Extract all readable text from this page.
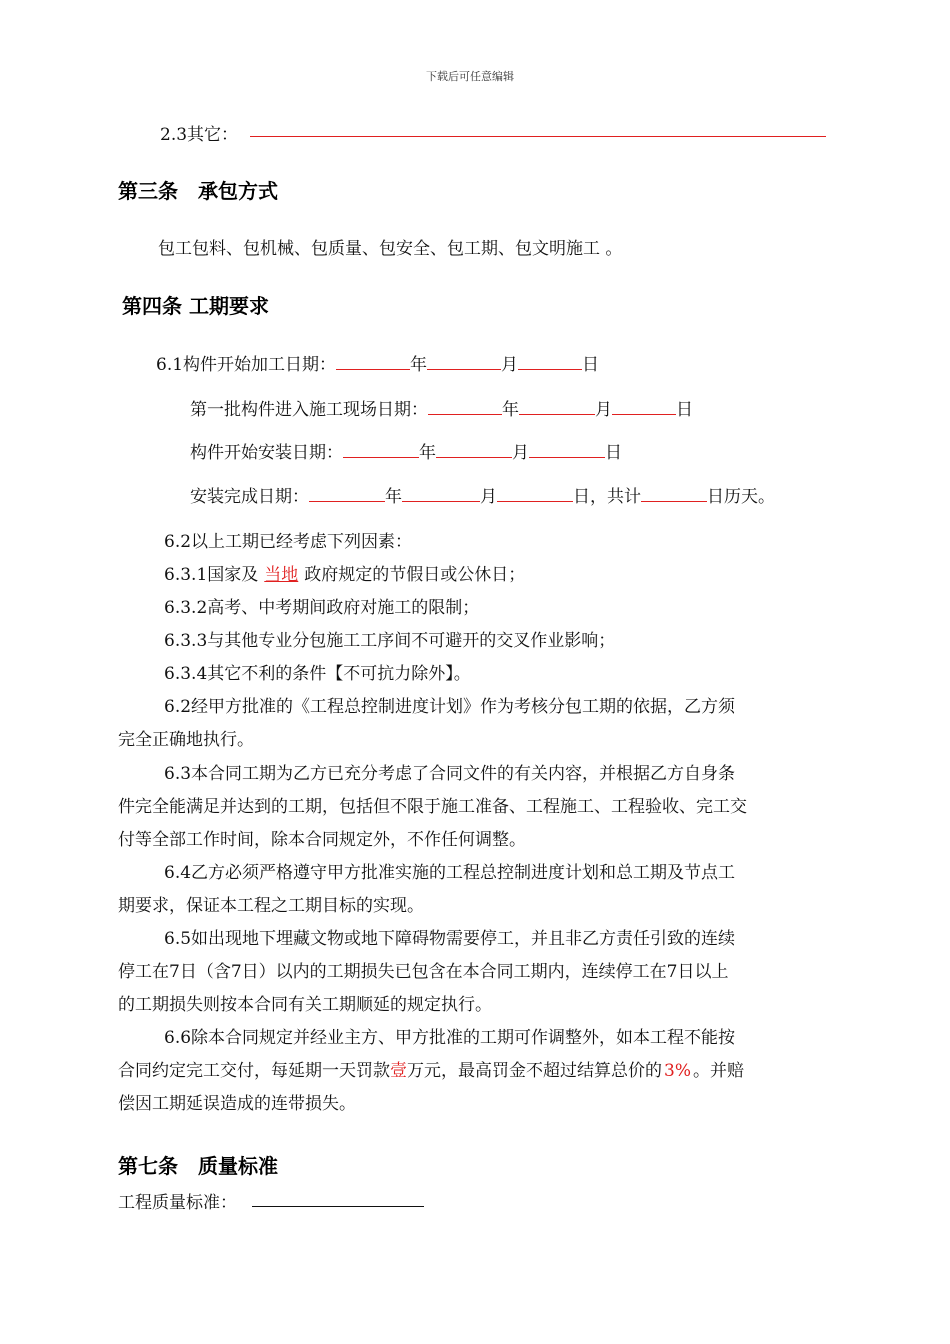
下载后可任意编辑
2.3其它：
第三条　承包方式
包工包料、包机械、包质量、包安全、包工期、包文明施工 。
第四条 工期要求
6.1构件开始加工日期：	年	月	日
第一批构件进入施工现场日期：	年	月	日
构件开始安装日期：	年	月	日
安装完成日期：	年	月	日，共计	日历天。
6.2以上工期已经考虑下列因素：
6.3.1国家及 当地 政府规定的节假日或公休日；
6.3.2高考、中考期间政府对施工的限制；
6.3.3与其他专业分包施工工序间不可避开的交叉作业影响；
6.3.4其它不利的条件【不可抗力除外】。
6.2经甲方批准的《工程总控制进度计划》作为考核分包工期的依据，乙方须
完全正确地执行。
6.3本合同工期为乙方已充分考虑了合同文件的有关内容，并根据乙方自身条
件完全能满足并达到的工期，包括但不限于施工准备、工程施工、工程验收、完工交
付等全部工作时间，除本合同规定外，不作任何调整。
6.4乙方必须严格遵守甲方批准实施的工程总控制进度计划和总工期及节点工
期要求，保证本工程之工期目标的实现。
6.5如出现地下埋藏文物或地下障碍物需要停工，并且非乙方责任引致的连续
停工在7日（含7日）以内的工期损失已包含在本合同工期内，连续停工在7日以上
的工期损失则按本合同有关工期顺延的规定执行。
6.6除本合同规定并经业主方、甲方批准的工期可作调整外，如本工程不能按
合同约定完工交付，每延期一天罚款壹万元，最高罚金不超过结算总价的 3% 。并赔
偿因工期延误造成的连带损失。
第七条　质量标准
工程质量标准：
